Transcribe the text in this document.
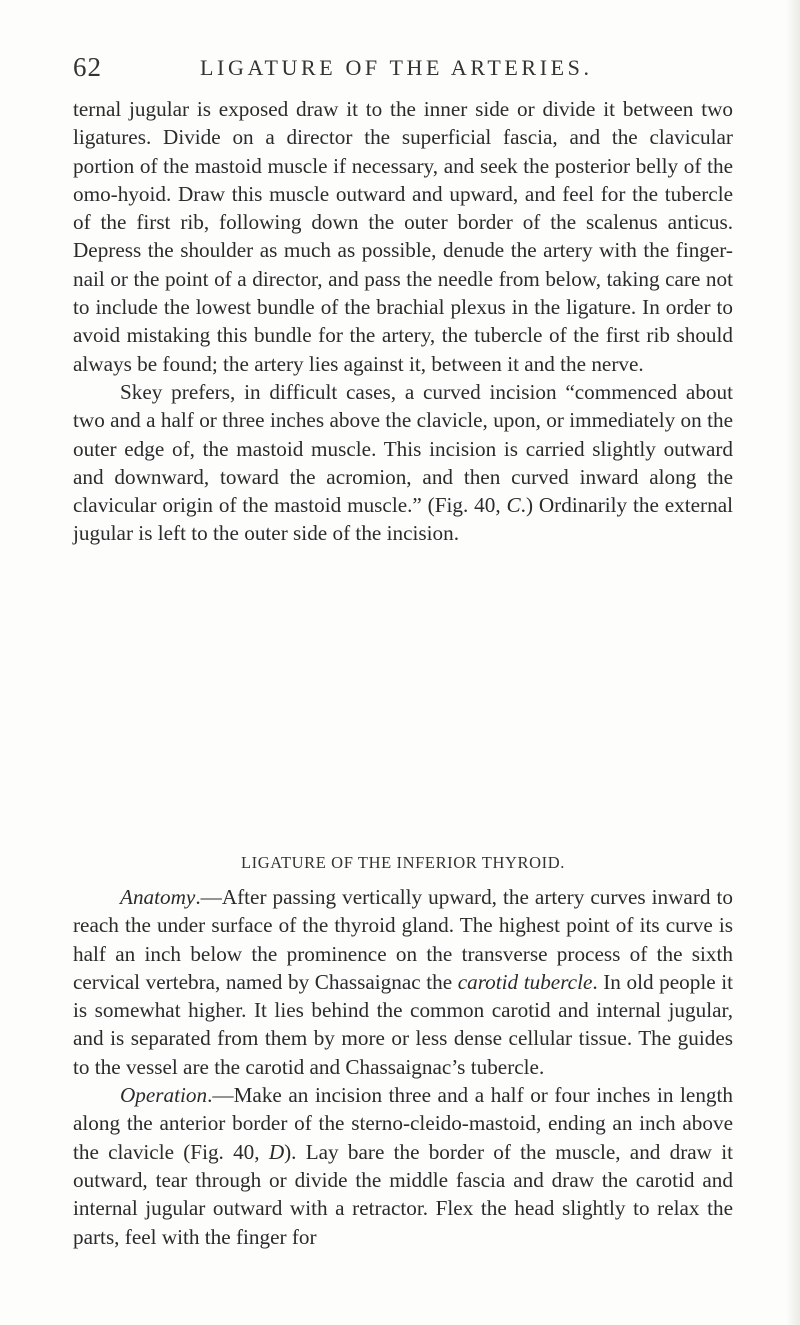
62	LIGATURE OF THE ARTERIES.

ternal jugular is exposed draw it to the inner side or divide it between two ligatures. Divide on a director the superficial fascia, and the clavicular portion of the mastoid muscle if necessary, and seek the posterior belly of the omo-hyoid. Draw this muscle outward and upward, and feel for the tubercle of the first rib, following down the outer border of the scalenus anticus. Depress the shoulder as much as possible, denude the artery with the finger-nail or the point of a director, and pass the needle from below, taking care not to include the lowest bundle of the brachial plexus in the ligature. In order to avoid mistaking this bundle for the artery, the tubercle of the first rib should always be found; the artery lies against it, between it and the nerve.

Skey prefers, in difficult cases, a curved incision “commenced about two and a half or three inches above the clavicle, upon, or immediately on the outer edge of, the mastoid muscle. This incision is carried slightly outward and downward, toward the acromion, and then curved inward along the clavicular origin of the mastoid muscle.” (Fig. 40, C.) Ordinarily the external jugular is left to the outer side of the incision.

LIGATURE OF THE INFERIOR THYROID.

Anatomy.—After passing vertically upward, the artery curves inward to reach the under surface of the thyroid gland. The highest point of its curve is half an inch below the prominence on the transverse process of the sixth cervical vertebra, named by Chassaignac the carotid tubercle. In old people it is somewhat higher. It lies behind the common carotid and internal jugular, and is separated from them by more or less dense cellular tissue. The guides to the vessel are the carotid and Chassaignac’s tubercle.

Operation.—Make an incision three and a half or four inches in length along the anterior border of the sterno-cleido-mastoid, ending an inch above the clavicle (Fig. 40, D). Lay bare the border of the muscle, and draw it outward, tear through or divide the middle fascia and draw the carotid and internal jugular outward with a retractor. Flex the head slightly to relax the parts, feel with the finger for
